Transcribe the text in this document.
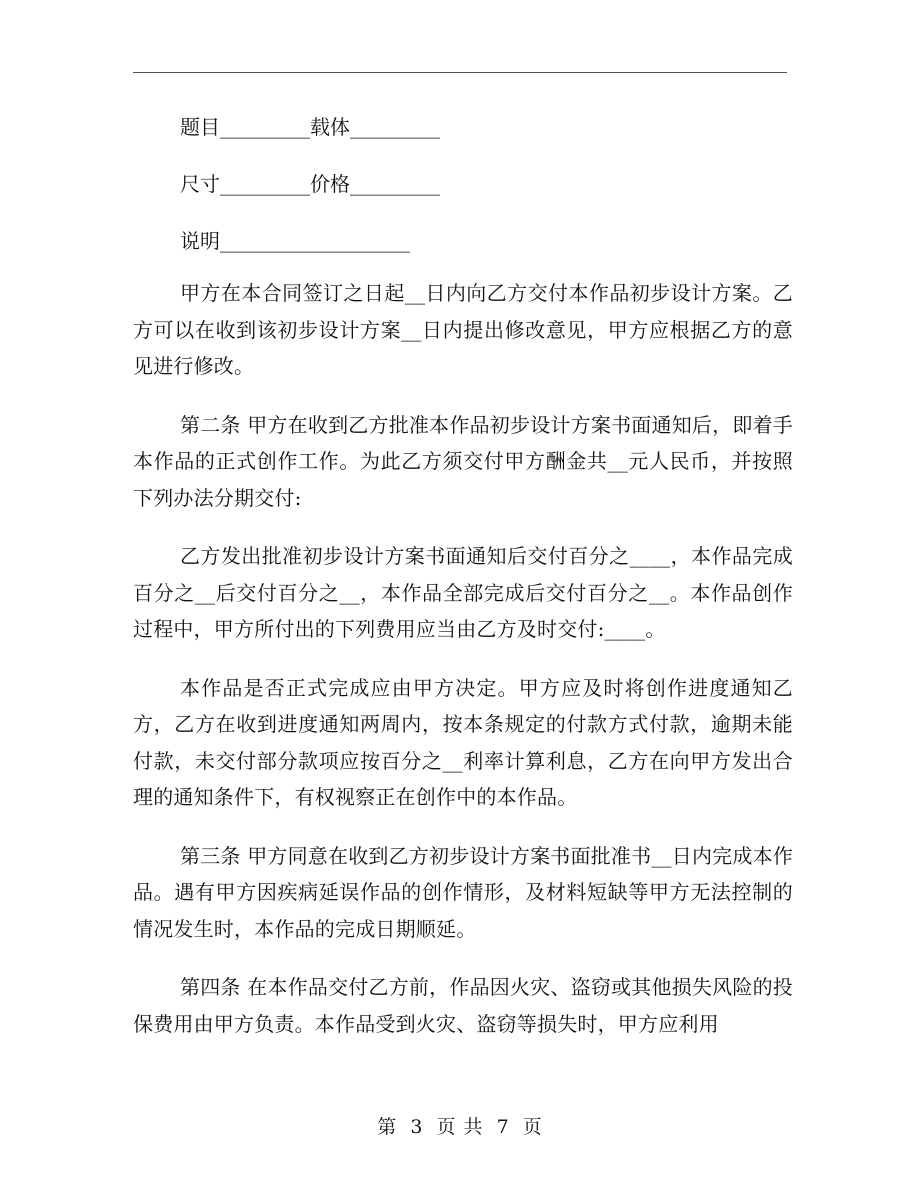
题目_________载体_________
尺寸_________价格_________
说明___________________

甲方在本合同签订之日起__日内向乙方交付本作品初步设计方案。乙方可以在收到该初步设计方案__日内提出修改意见，甲方应根据乙方的意见进行修改。

第二条 甲方在收到乙方批准本作品初步设计方案书面通知后，即着手本作品的正式创作工作。为此乙方须交付甲方酬金共__元人民币，并按照下列办法分期交付:

乙方发出批准初步设计方案书面通知后交付百分之____，本作品完成百分之__后交付百分之__，本作品全部完成后交付百分之__。本作品创作过程中，甲方所付出的下列费用应当由乙方及时交付:____。

本作品是否正式完成应由甲方决定。甲方应及时将创作进度通知乙方，乙方在收到进度通知两周内，按本条规定的付款方式付款，逾期未能付款，未交付部分款项应按百分之__利率计算利息，乙方在向甲方发出合理的通知条件下，有权视察正在创作中的本作品。

第三条 甲方同意在收到乙方初步设计方案书面批准书__日内完成本作品。遇有甲方因疾病延误作品的创作情形，及材料短缺等甲方无法控制的情况发生时，本作品的完成日期顺延。

第四条 在本作品交付乙方前，作品因火灾、盗窃或其他损失风险的投保费用由甲方负责。本作品受到火灾、盗窃等损失时，甲方应利用

第 3 页 共 7 页
